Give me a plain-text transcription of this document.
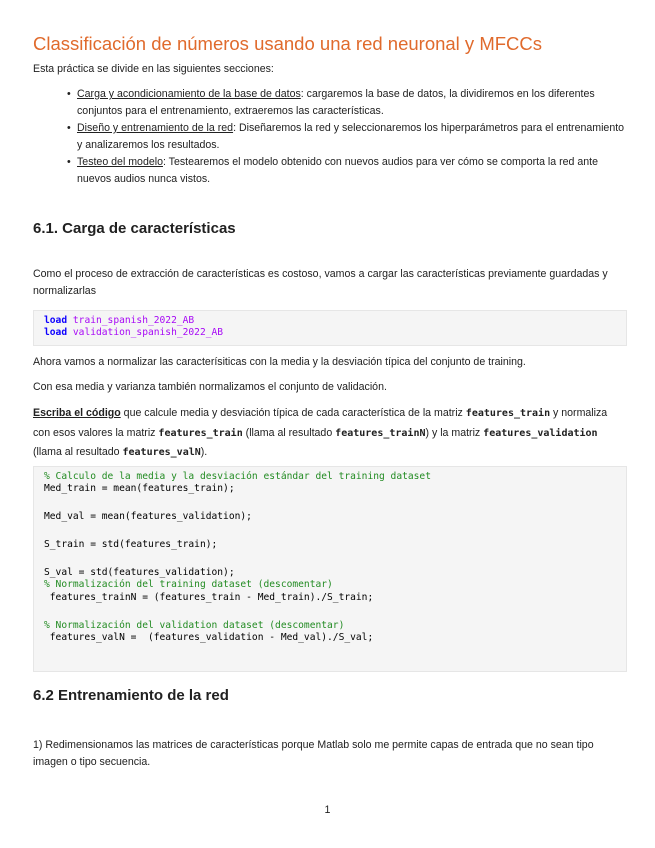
Classificación de números usando una red neuronal y MFCCs

Esta práctica se divide en las siguientes secciones:

• Carga y acondicionamiento de la base de datos: cargaremos la base de datos, la dividiremos en los diferentes conjuntos para el entrenamiento, extraeremos las características.
• Diseño y entrenamiento de la red: Diseñaremos la red y seleccionaremos los hiperparámetros para el entrenamiento y analizaremos los resultados.
• Testeo del modelo: Testearemos el modelo obtenido con nuevos audios para ver cómo se comporta la red ante nuevos audios nunca vistos.
6.1. Carga de características

Como el proceso de extracción de características es costoso, vamos a cargar las características previamente guardadas y normalizarlas

load train_spanish_2022_AB
load validation_spanish_2022_AB

Ahora vamos a normalizar las caracterísiticas con la media y la desviación típica del conjunto de training.

Con esa media y varianza también normalizamos el conjunto de validación.

Escriba el código que calcule media y desviación típica de cada característica de la matriz features_train y normaliza con esos valores la matriz features_train (llama al resultado features_trainN) y la matriz features_validation (llama al resultado features_valN).

% Calculo de la media y la desviación estándar del training dataset
Med_train = mean(features_train);
Med_val = mean(features_validation);
S_train = std(features_train);
S_val = std(features_validation);
% Normalización del training dataset (descomentar)
features_trainN = (features_train - Med_train)./S_train;
% Normalización del validation dataset (descomentar)
features_valN =  (features_validation - Med_val)./S_val;
6.2 Entrenamiento de la red

1) Redimensionamos las matrices de características porque Matlab solo me permite capas de entrada que no sean tipo imagen o tipo secuencia.

1
